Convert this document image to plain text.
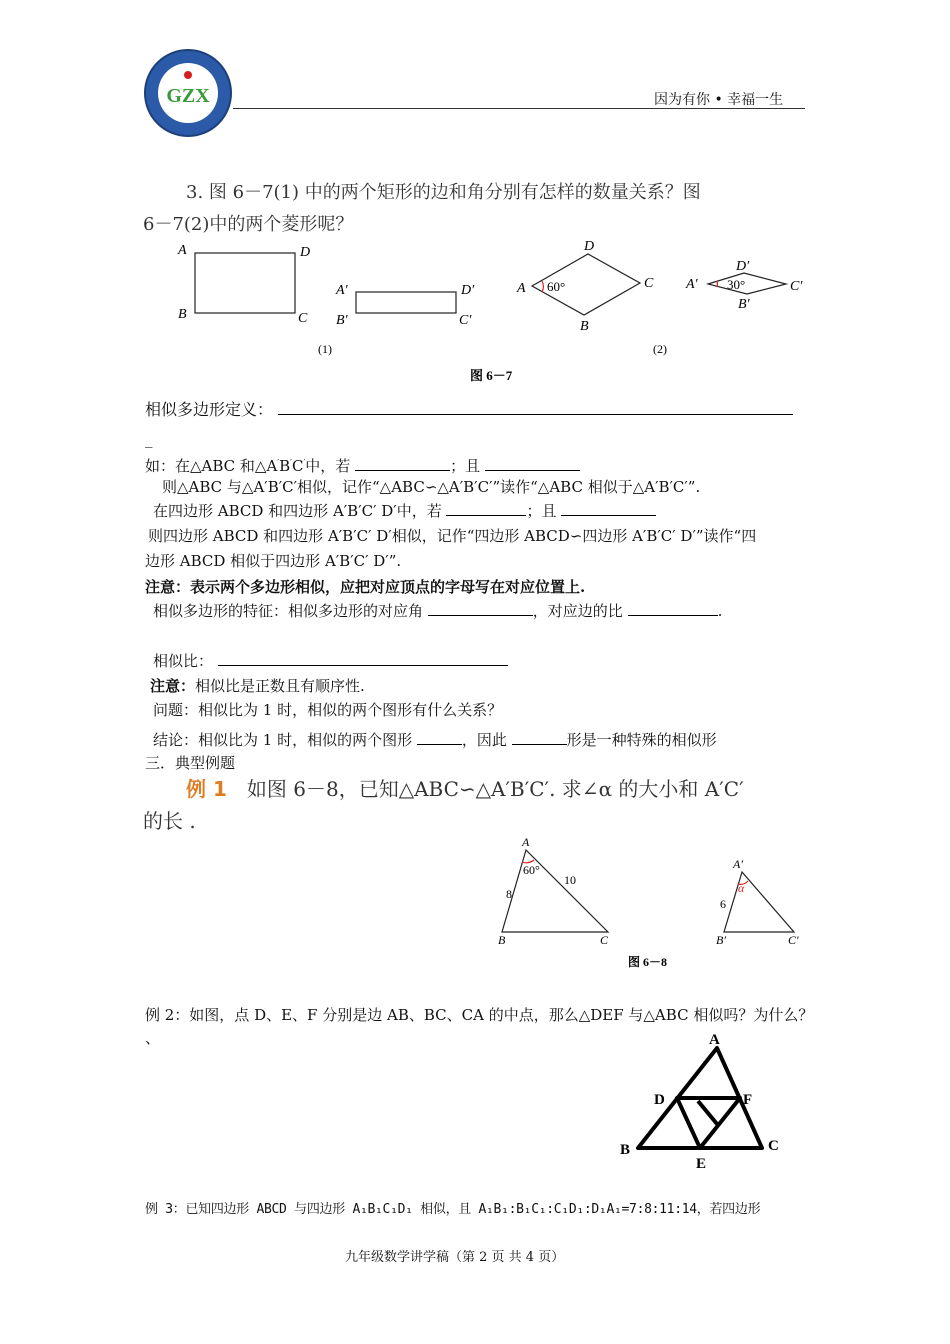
GZX	因为有你 • 幸福一生
3. 图 6－7(1) 中的两个矩形的边和角分别有怎样的数量关系？图
6－7(2)中的两个菱形呢？
A	D
B	C
A′	D′
B′	C′
D
A	C
B
60°
D′
A′	C′
B′
30°
(1)	(2)
图 6－7
相似多边形定义：
_
如：在△ABC 和△A′B′C′中，若	；且
则△ABC 与△A′B′C′相似，记作“△ABC∽△A′B′C′”读作“△ABC 相似于△A′B′C′”.
在四边形 ABCD 和四边形 A′B′C′ D′中，若	；且
则四边形 ABCD 和四边形 A′B′C′ D′相似，记作“四边形 ABCD∽四边形 A′B′C′ D′”读作“四
边形 ABCD 相似于四边形 A′B′C′ D′”.
注意：表示两个多边形相似，应把对应顶点的字母写在对应位置上.
相似多边形的特征：相似多边形的对应角	，对应边的比	.
相似比：
注意：相似比是正数且有顺序性.
问题：相似比为 1 时，相似的两个图形有什么关系？
结论：相似比为 1 时，相似的两个图形	，因此	形是一种特殊的相似形
三．典型例题
例 1 如图 6－8，已知△ABC∽△A′B′C′. 求∠α 的大小和 A′C′
的长 .
A
B	C
60°
8
10
A′
B′	C′
α
6
图 6－8
例 2：如图，点 D、E、F 分别是边 AB、BC、CA 的中点，那么△DEF 与△ABC 相似吗？为什么？
、	A
D	F
B
E
C
例 3：已知四边形 ABCD 与四边形 A₁B₁C₁D₁ 相似，且 A₁B₁:B₁C₁:C₁D₁:D₁A₁=7:8:11:14，若四边形
九年级数学讲学稿（第 2 页 共 4 页）
